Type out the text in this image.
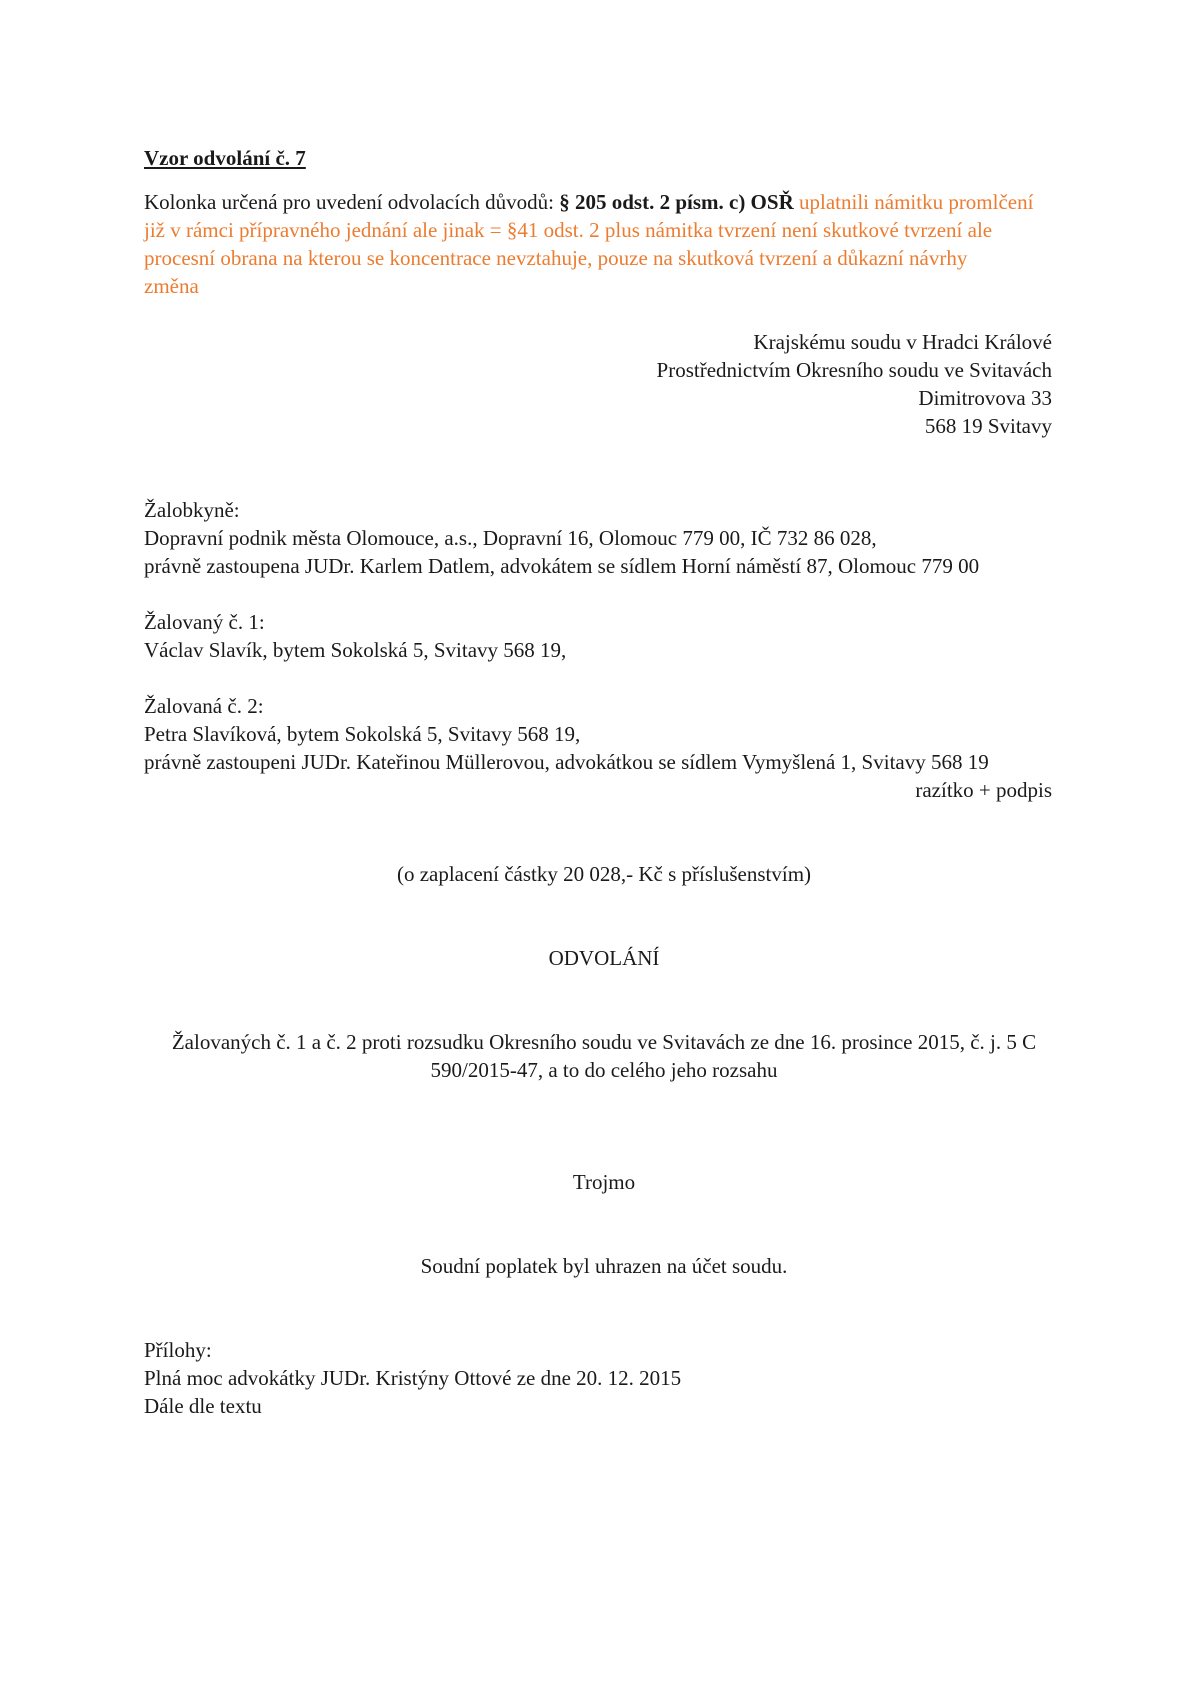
Vzor odvolání č. 7

Kolonka určená pro uvedení odvolacích důvodů: § 205 odst. 2 písm. c) OSŘ uplatnili námitku promlčení již v rámci přípravného jednání ale jinak = §41 odst. 2 plus námitka tvrzení není skutkové tvrzení ale procesní obrana na kterou se koncentrace nevztahuje, pouze na skutková tvrzení a důkazní návrhy
změna

Krajskému soudu v Hradci Králové
Prostřednictvím Okresního soudu ve Svitavách
Dimitrovova 33
568 19 Svitavy
Žalobkyně:
Dopravní podnik města Olomouce, a.s., Dopravní 16, Olomouc 779 00, IČ 732 86 028,
právně zastoupena JUDr. Karlem Datlem, advokátem se sídlem Horní náměstí 87, Olomouc 779 00
Žalovaný č. 1:
Václav Slavík, bytem Sokolská 5, Svitavy 568 19,
Žalovaná č. 2:
Petra Slavíková, bytem Sokolská 5, Svitavy 568 19,
právně zastoupeni JUDr. Kateřinou Müllerovou, advokátkou se sídlem Vymyšlená 1, Svitavy 568 19
razítko + podpis
(o zaplacení částky 20 028,- Kč s příslušenstvím)
ODVOLÁNÍ
Žalovaných č. 1 a č. 2 proti rozsudku Okresního soudu ve Svitavách ze dne 16. prosince 2015, č. j. 5 C 590/2015-47, a to do celého jeho rozsahu
Trojmo
Soudní poplatek byl uhrazen na účet soudu.
Přílohy:
Plná moc advokátky JUDr. Kristýny Ottové ze dne 20. 12. 2015
Dále dle textu
